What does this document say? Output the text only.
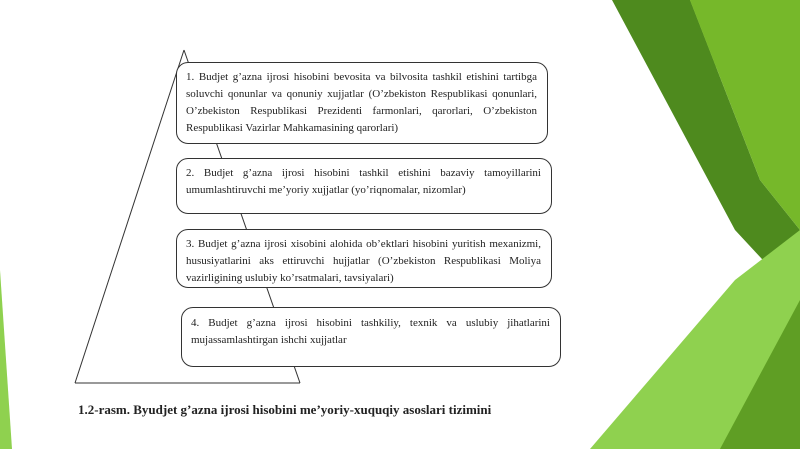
1. Budjet g’azna ijrosi hisobini bevosita va bilvosita tashkil etishini tartibga soluvchi qonunlar va qonuniy xujjatlar (O’zbekiston Respublikasi qonunlari, O’zbekiston Respublikasi Prezidenti farmonlari, qarorlari, O’zbekiston Respublikasi Vazirlar Mahkamasining qarorlari)
2. Budjet g’azna ijrosi hisobini tashkil etishini bazaviy tamoyillarini umumlashtiruvchi me’yoriy xujjatlar (yo’riqnomalar, nizomlar)
3. Budjet g’azna ijrosi xisobini alohida ob’ektlari hisobini yuritish mexanizmi, hususiyatlarini aks ettiruvchi hujjatlar (O’zbekiston Respublikasi Moliya vazirligining uslubiy ko’rsatmalari, tavsiyalari)
4. Budjet g’azna ijrosi hisobini tashkiliy, texnik va uslubiy jihatlarini mujassamlashtirgan ishchi xujjatlar
1.2-rasm. Byudjet g’azna ijrosi hisobini me’yoriy-xuquqiy asoslari tizimini
